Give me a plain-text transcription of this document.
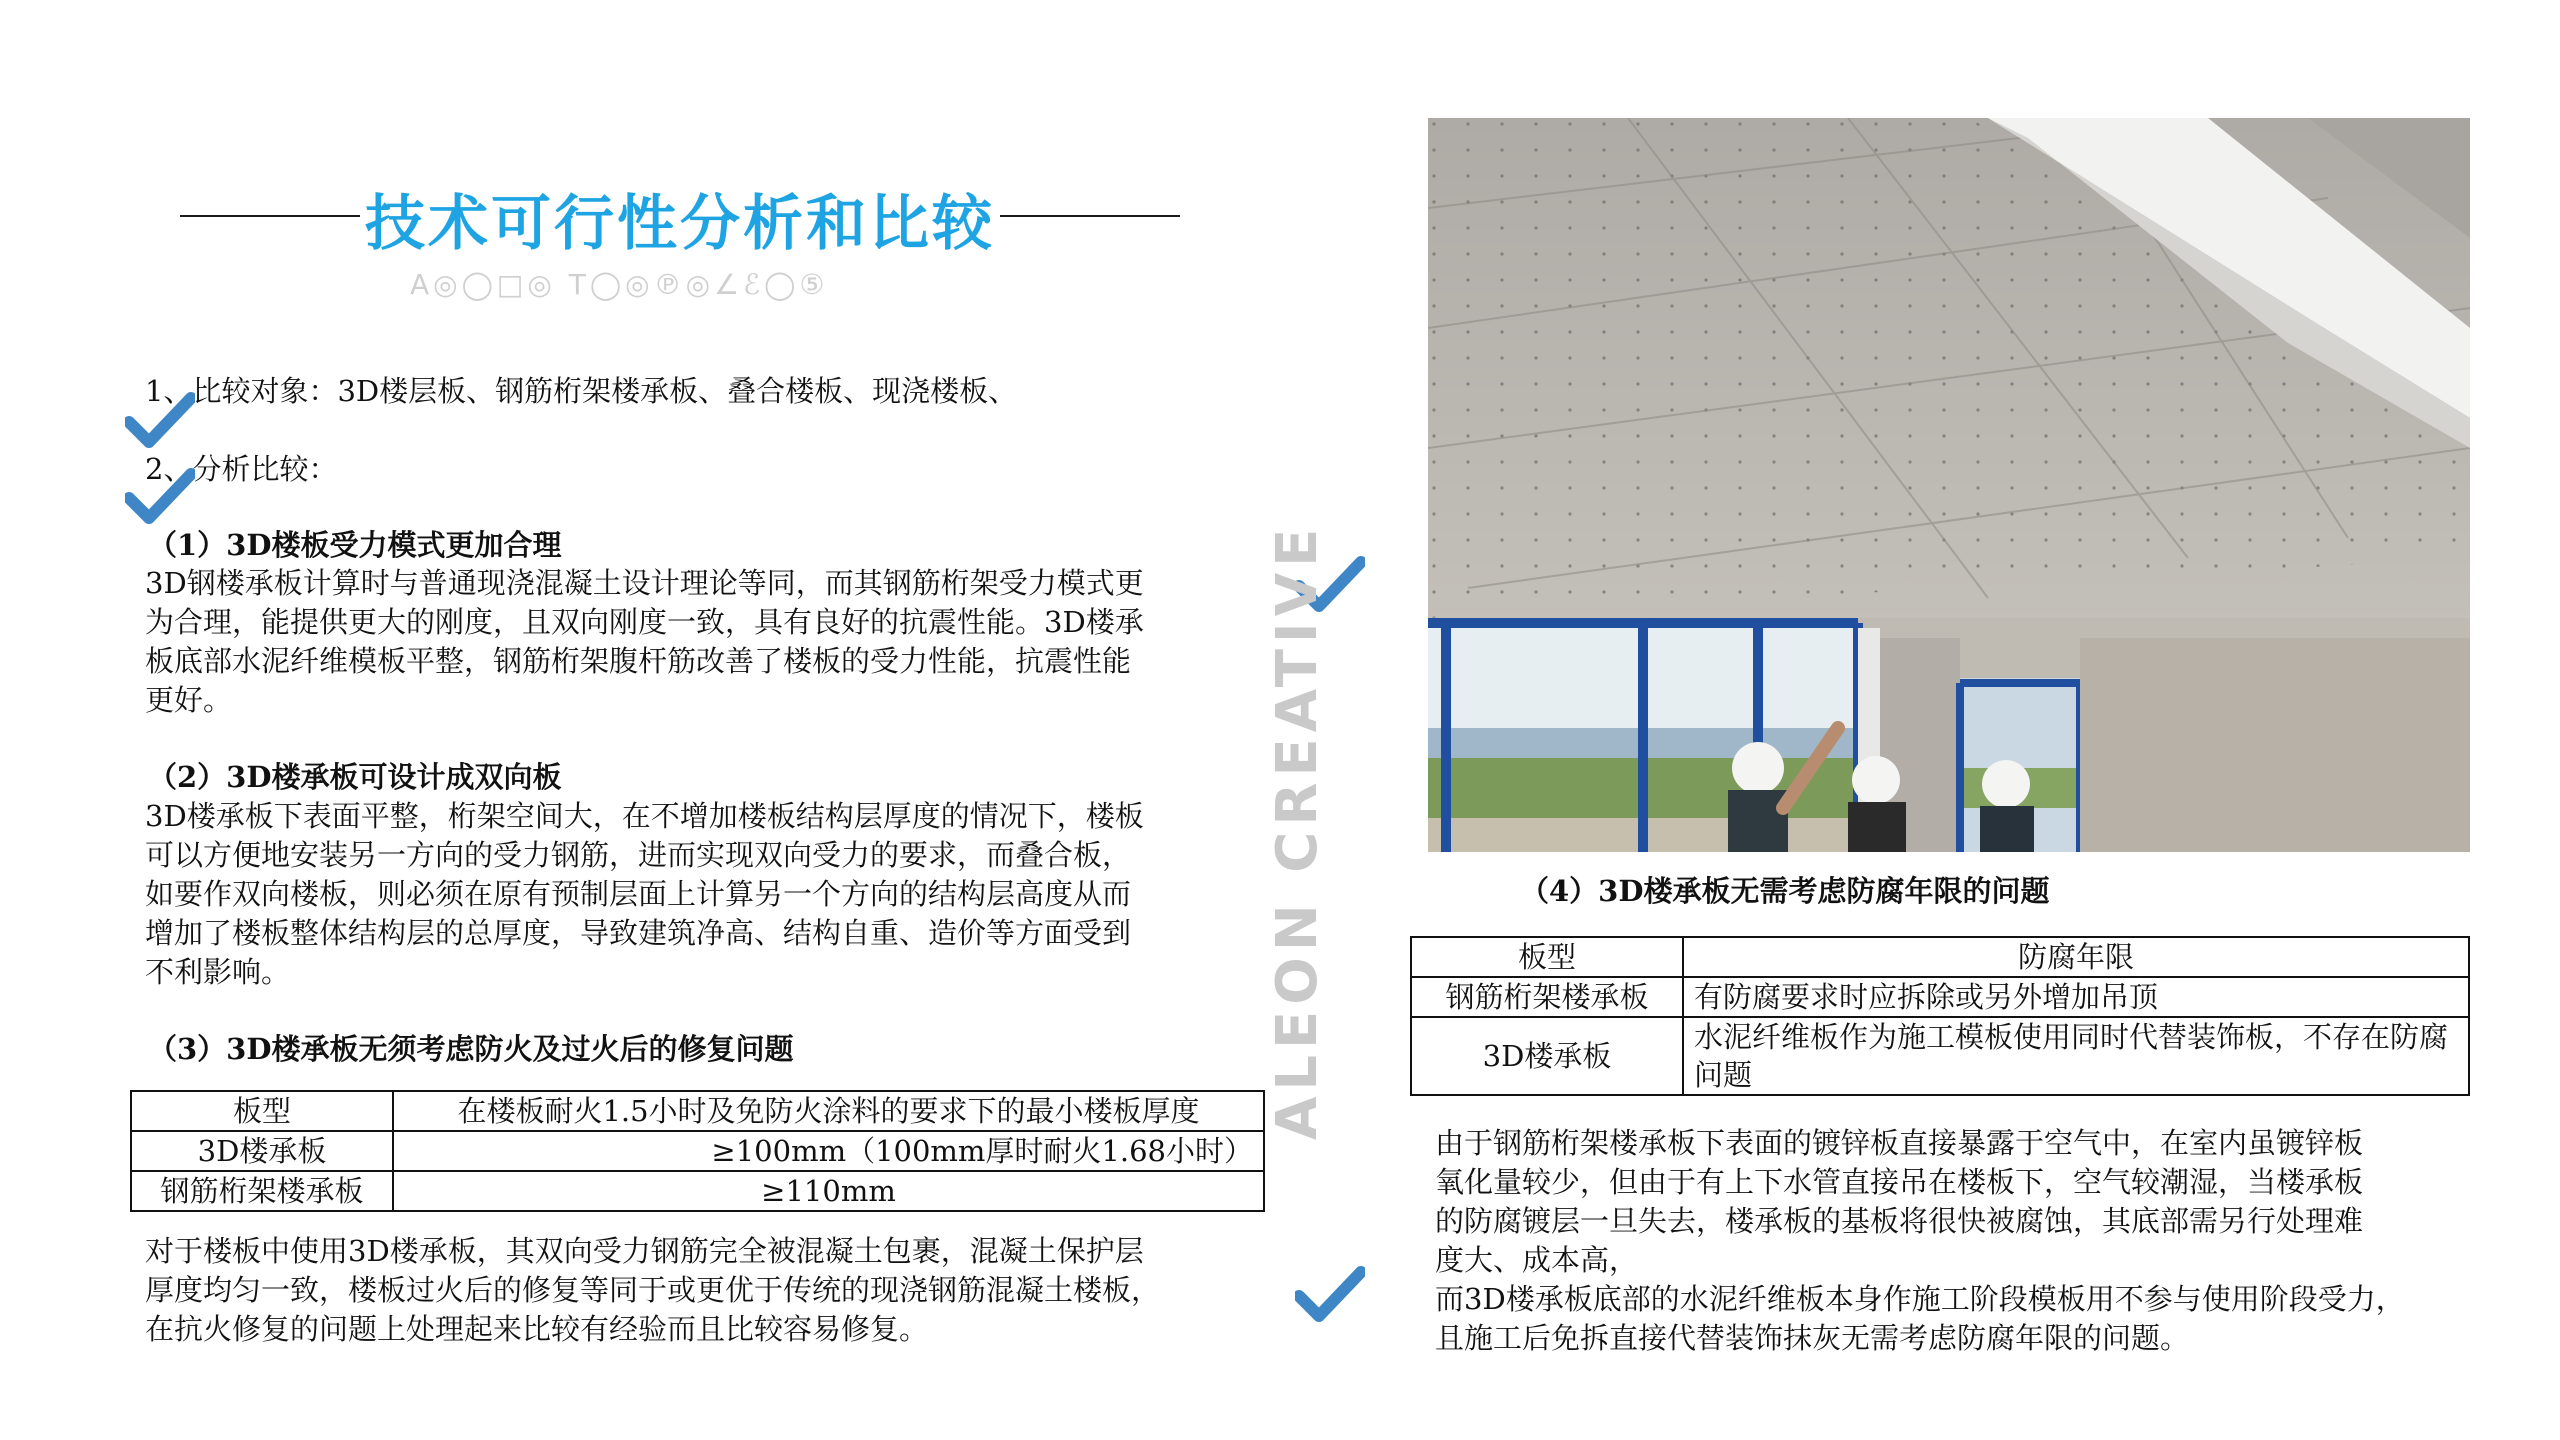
技术可行性分析和比较
A◎◯□◎ T◯◎℗◎∠ℰ◯⑤
1、比较对象：3D楼层板、钢筋桁架楼承板、叠合楼板、现浇楼板、
2、分析比较：
（1）3D楼板受力模式更加合理
3D钢楼承板计算时与普通现浇混凝土设计理论等同，而其钢筋桁架受力模式更
为合理，能提供更大的刚度，且双向刚度一致，具有良好的抗震性能。3D楼承
板底部水泥纤维模板平整，钢筋桁架腹杆筋改善了楼板的受力性能，抗震性能
更好。
（2）3D楼承板可设计成双向板
3D楼承板下表面平整，桁架空间大，在不增加楼板结构层厚度的情况下，楼板
可以方便地安装另一方向的受力钢筋，进而实现双向受力的要求，而叠合板，
如要作双向楼板，则必须在原有预制层面上计算另一个方向的结构层高度从而
增加了楼板整体结构层的总厚度，导致建筑净高、结构自重、造价等方面受到
不利影响。
（3）3D楼承板无须考虑防火及过火后的修复问题
板型	在楼板耐火1.5小时及免防火涂料的要求下的最小楼板厚度
3D楼承板	≥100mm（100mm厚时耐火1.68小时）
钢筋桁架楼承板	≥110mm
对于楼板中使用3D楼承板，其双向受力钢筋完全被混凝土包裹，混凝土保护层
厚度均匀一致，楼板过火后的修复等同于或更优于传统的现浇钢筋混凝土楼板，
在抗火修复的问题上处理起来比较有经验而且比较容易修复。
ALEON CREATIVE	（4）3D楼承板无需考虑防腐年限的问题
板型	防腐年限
钢筋桁架楼承板	有防腐要求时应拆除或另外增加吊顶
3D楼承板	水泥纤维板作为施工模板使用同时代替装饰板，不存在防腐问题
由于钢筋桁架楼承板下表面的镀锌板直接暴露于空气中，在室内虽镀锌板
氧化量较少，但由于有上下水管直接吊在楼板下，空气较潮湿，当楼承板
的防腐镀层一旦失去，楼承板的基板将很快被腐蚀，其底部需另行处理难
度大、成本高，
而3D楼承板底部的水泥纤维板本身作施工阶段模板用不参与使用阶段受力，
且施工后免拆直接代替装饰抹灰无需考虑防腐年限的问题。
